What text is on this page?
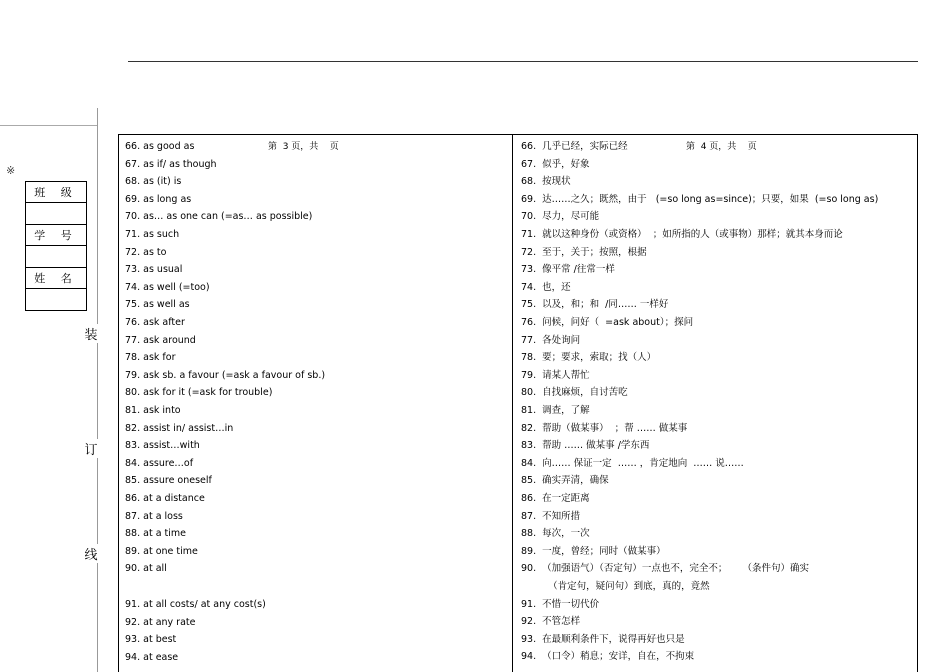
※
班 级
学 号
姓 名
装
订
线
66. as good as
67. as if/ as though
68. as (it) is
69. as long as
70. as… as one can (=as… as possible)
71. as such
72. as to
73. as usual
74. as well (=too)
75. as well as
76. ask after
77. ask around
78. ask for
79. ask sb. a favour (=ask a favour of sb.)
80. ask for it (=ask for trouble)
81. ask into
82. assist in/ assist…in
83. assist…with
84. assure…of
85. assure oneself
86. at a distance
87. at a loss
88. at a time
89. at one time
90. at all
91. at all costs/ at any cost(s)
92. at any rate
93. at best
94. at ease
66.  几乎已经，实际已经
67.  似乎，好象
68.  按现状
69.  达……之久；既然，由于   (=so long as=since)；只要，如果  (=so long as)
70.  尽力，尽可能
71.  就以这种身份（或资格）  ；如所指的人（或事物）那样；就其本身而论
72.  至于，关于；按照，根据
73.  像平常 /往常一样
74.  也，还
75.  以及，和；和  /同…… 一样好
76.  问候，问好（  =ask about）；探问
77.  各处询问
78.  要；要求，索取；找（人）
79.  请某人帮忙
80.  自找麻烦，自讨苦吃
81.  调查，了解
82.  帮助（做某事）  ；帮 …… 做某事
83.  帮助 …… 做某事 /学东西
84.  向…… 保证一定  …… ，肯定地向  …… 说……
85.  确实弄清，确保
86.  在一定距离
87.  不知所措
88.  每次，一次
89.  一度，曾经；同时（做某事）
90.  （加强语气）（否定句）一点也不，完全不；     （条件句）确实
（肯定句，疑问句）到底，真的，竟然
91.  不惜一切代价
92.  不管怎样
93.  在最顺利条件下，说得再好也只是
94.  （口令）稍息；安详，自在，不拘束
第  3 页，共    页	第  4 页，共    页
